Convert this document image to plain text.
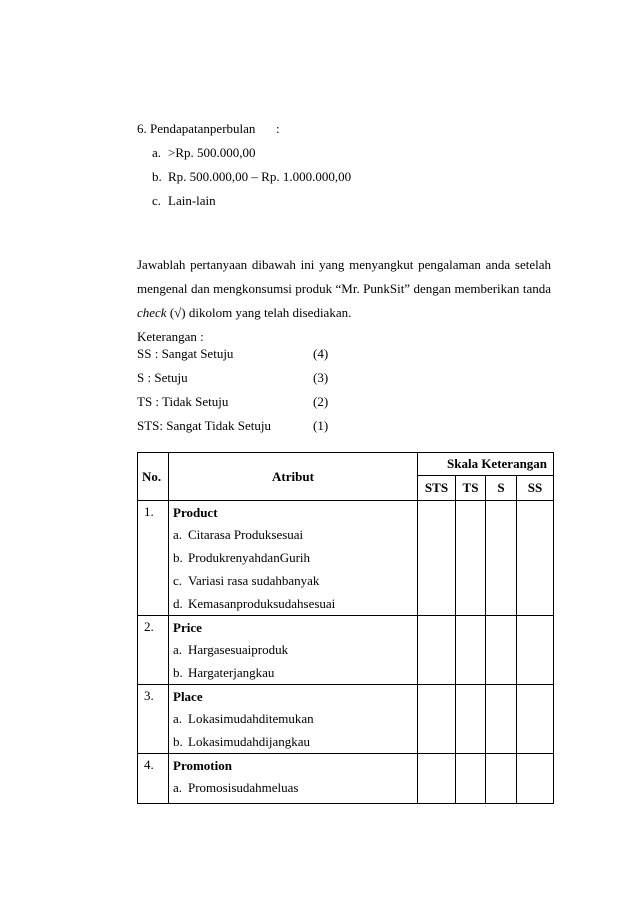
6. Pendapatanperbulan :
a. >Rp. 500.000,00
b. Rp. 500.000,00 – Rp. 1.000.000,00
c. Lain-lain
Jawablah pertanyaan dibawah ini yang menyangkut pengalaman anda setelah
mengenal dan mengkonsumsi produk “Mr. PunkSit” dengan memberikan tanda
check (√) dikolom yang telah disediakan.
Keterangan :
SS : Sangat Setuju	(4)
S : Setuju	(3)
TS : Tidak Setuju	(2)
STS: Sangat Tidak Setuju	(1)
No.	Atribut	Skala Keterangan			
		STS	TS	S	SS
1.	Product
a. Citarasa Produksesuai
b. ProdukrenyahdanGurih
c. Variasi rasa sudahbanyak
d. Kemasanproduksudahsesuai				

2.	Price
a. Hargasesuaiproduk
b. Hargaterjangkau				

3.	Place
a. Lokasimudahditemukan
b. Lokasimudahdijangkau				

4.	Promotion
a. Promosisudahmeluas				
